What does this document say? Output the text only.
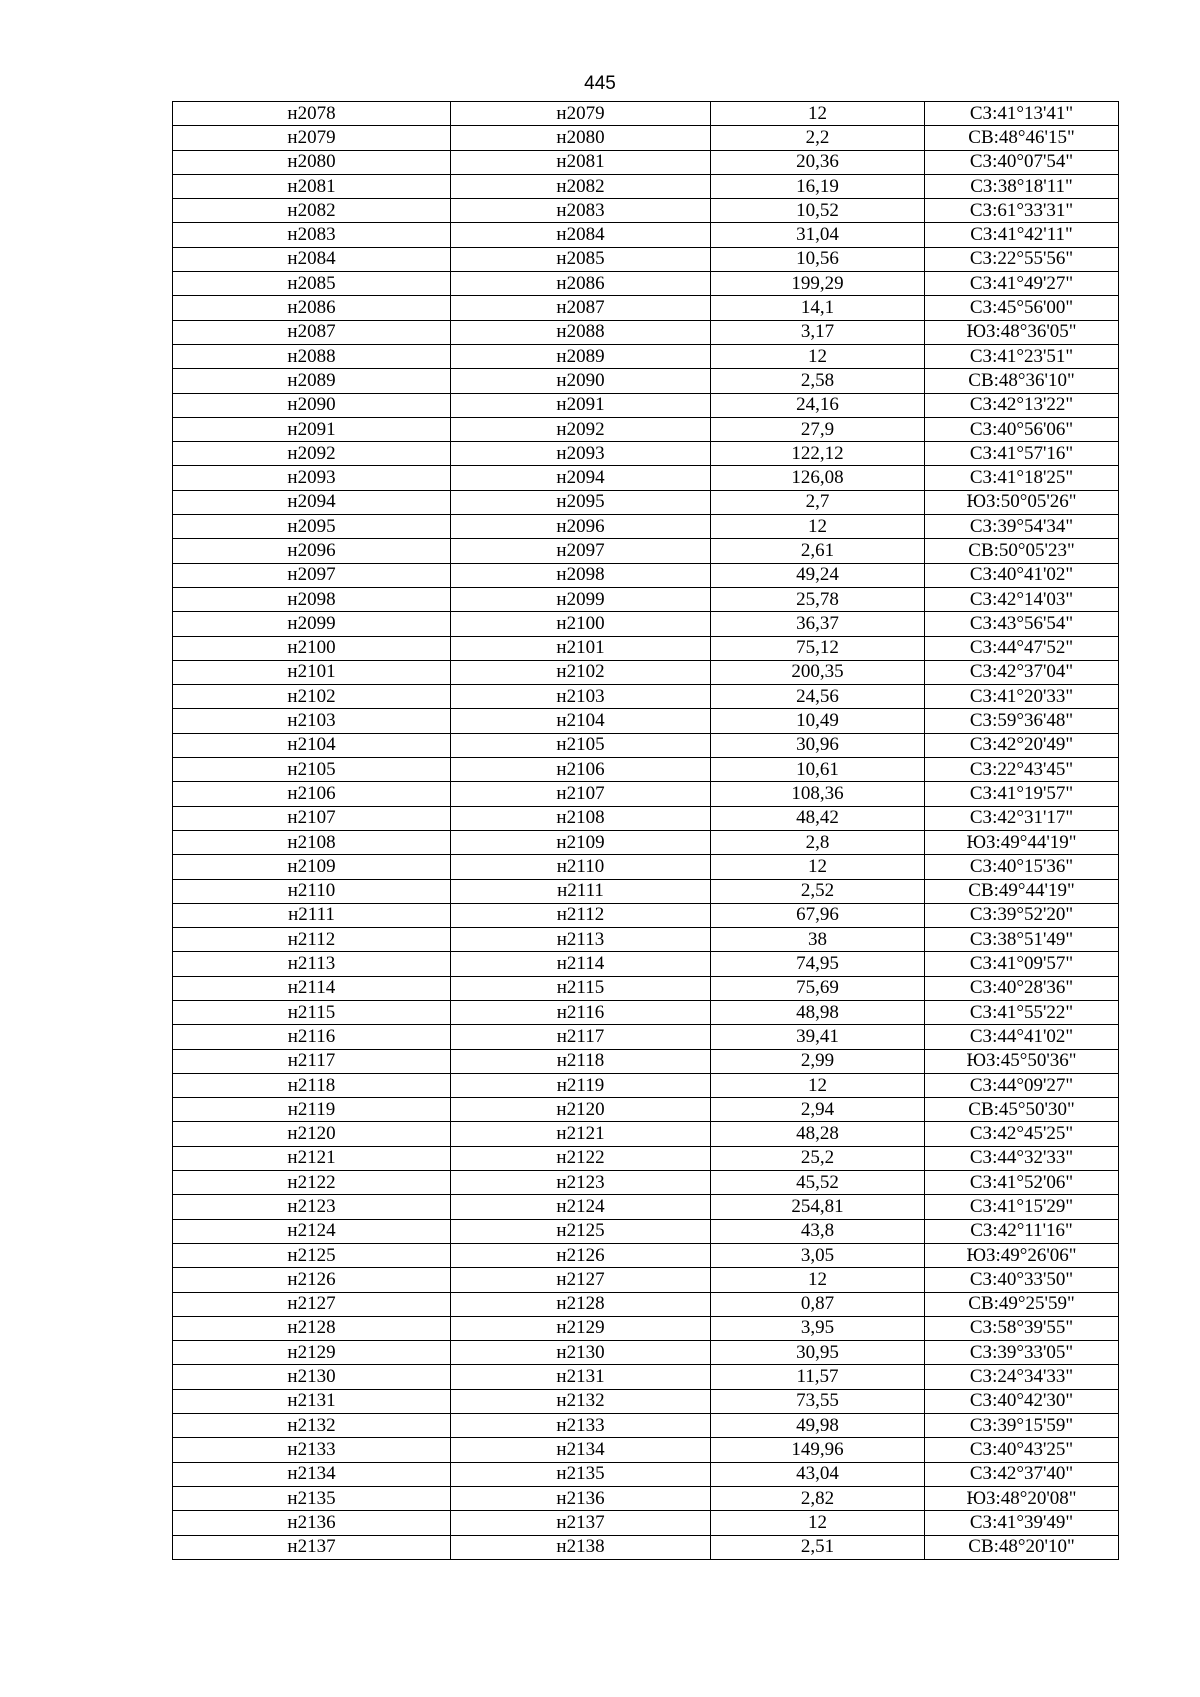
445
н2078	н2079	12	СЗ:41°13'41"
н2079	н2080	2,2	СВ:48°46'15"
н2080	н2081	20,36	СЗ:40°07'54"
н2081	н2082	16,19	СЗ:38°18'11"
н2082	н2083	10,52	СЗ:61°33'31"
н2083	н2084	31,04	СЗ:41°42'11"
н2084	н2085	10,56	СЗ:22°55'56"
н2085	н2086	199,29	СЗ:41°49'27"
н2086	н2087	14,1	СЗ:45°56'00"
н2087	н2088	3,17	ЮЗ:48°36'05"
н2088	н2089	12	СЗ:41°23'51"
н2089	н2090	2,58	СВ:48°36'10"
н2090	н2091	24,16	СЗ:42°13'22"
н2091	н2092	27,9	СЗ:40°56'06"
н2092	н2093	122,12	СЗ:41°57'16"
н2093	н2094	126,08	СЗ:41°18'25"
н2094	н2095	2,7	ЮЗ:50°05'26"
н2095	н2096	12	СЗ:39°54'34"
н2096	н2097	2,61	СВ:50°05'23"
н2097	н2098	49,24	СЗ:40°41'02"
н2098	н2099	25,78	СЗ:42°14'03"
н2099	н2100	36,37	СЗ:43°56'54"
н2100	н2101	75,12	СЗ:44°47'52"
н2101	н2102	200,35	СЗ:42°37'04"
н2102	н2103	24,56	СЗ:41°20'33"
н2103	н2104	10,49	СЗ:59°36'48"
н2104	н2105	30,96	СЗ:42°20'49"
н2105	н2106	10,61	СЗ:22°43'45"
н2106	н2107	108,36	СЗ:41°19'57"
н2107	н2108	48,42	СЗ:42°31'17"
н2108	н2109	2,8	ЮЗ:49°44'19"
н2109	н2110	12	СЗ:40°15'36"
н2110	н2111	2,52	СВ:49°44'19"
н2111	н2112	67,96	СЗ:39°52'20"
н2112	н2113	38	СЗ:38°51'49"
н2113	н2114	74,95	СЗ:41°09'57"
н2114	н2115	75,69	СЗ:40°28'36"
н2115	н2116	48,98	СЗ:41°55'22"
н2116	н2117	39,41	СЗ:44°41'02"
н2117	н2118	2,99	ЮЗ:45°50'36"
н2118	н2119	12	СЗ:44°09'27"
н2119	н2120	2,94	СВ:45°50'30"
н2120	н2121	48,28	СЗ:42°45'25"
н2121	н2122	25,2	СЗ:44°32'33"
н2122	н2123	45,52	СЗ:41°52'06"
н2123	н2124	254,81	СЗ:41°15'29"
н2124	н2125	43,8	СЗ:42°11'16"
н2125	н2126	3,05	ЮЗ:49°26'06"
н2126	н2127	12	СЗ:40°33'50"
н2127	н2128	0,87	СВ:49°25'59"
н2128	н2129	3,95	СЗ:58°39'55"
н2129	н2130	30,95	СЗ:39°33'05"
н2130	н2131	11,57	СЗ:24°34'33"
н2131	н2132	73,55	СЗ:40°42'30"
н2132	н2133	49,98	СЗ:39°15'59"
н2133	н2134	149,96	СЗ:40°43'25"
н2134	н2135	43,04	СЗ:42°37'40"
н2135	н2136	2,82	ЮЗ:48°20'08"
н2136	н2137	12	СЗ:41°39'49"
н2137	н2138	2,51	СВ:48°20'10"
